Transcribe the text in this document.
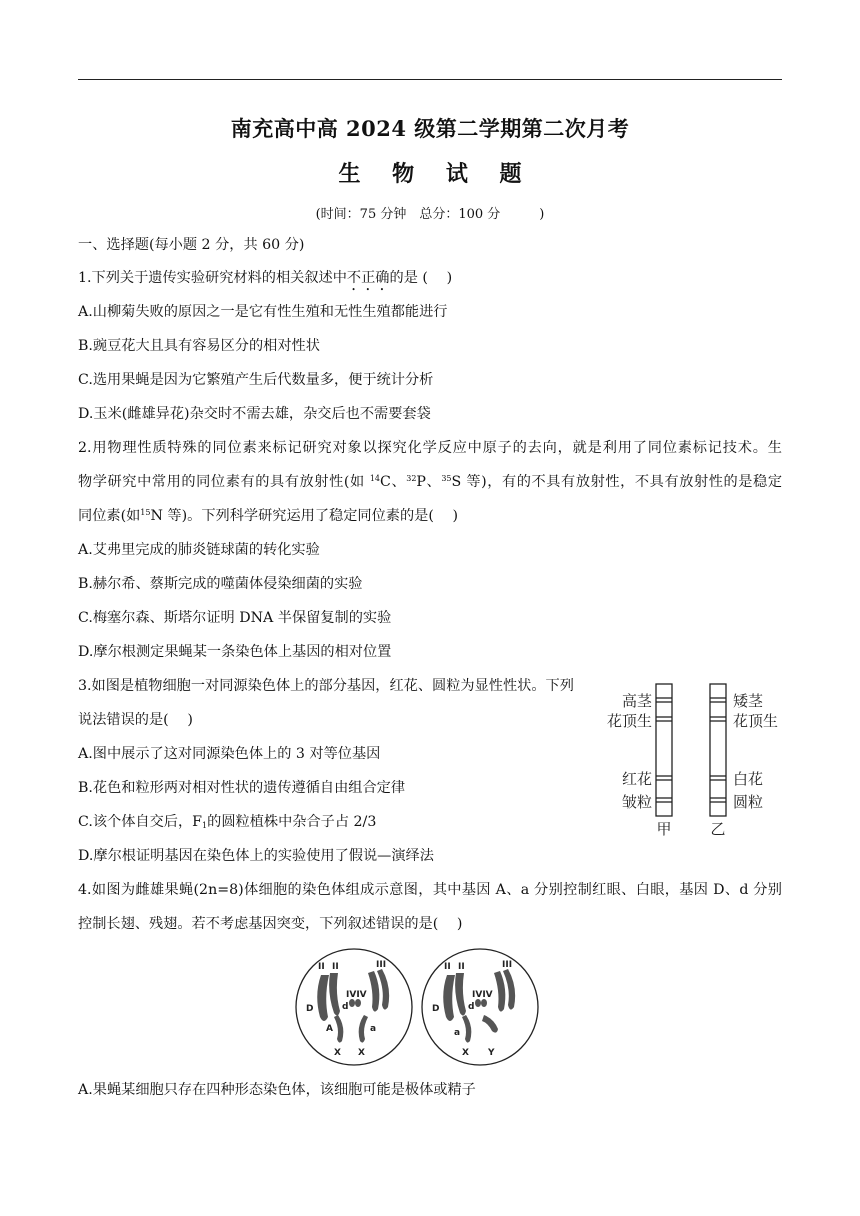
南充高中高 2024 级第二学期第二次月考
生 物 试 题
(时间：75 分钟　总分：100 分　　　)
一、选择题(每小题 2 分，共 60 分)
1.下列关于遗传实验研究材料的相关叙述中不正确的是 (　 )
A.山柳菊失败的原因之一是它有性生殖和无性生殖都能进行
B.豌豆花大且具有容易区分的相对性状
C.选用果蝇是因为它繁殖产生后代数量多，便于统计分析
D.玉米(雌雄异花)杂交时不需去雄，杂交后也不需要套袋
2.用物理性质特殊的同位素来标记研究对象以探究化学反应中原子的去向，就是利用了同位素标记技术。生
物学研究中常用的同位素有的具有放射性(如 $^{14}$C、$^{32}$P、$^{35}$S 等)，有的不具有放射性，不具有放射性的是稳定
同位素(如$^{15}$N 等)。下列科学研究运用了稳定同位素的是(　 )
A.艾弗里完成的肺炎链球菌的转化实验
B.赫尔希、蔡斯完成的噬菌体侵染细菌的实验
C.梅塞尔森、斯塔尔证明 DNA 半保留复制的实验
D.摩尔根测定果蝇某一条染色体上基因的相对位置
3.如图是植物细胞一对同源染色体上的部分基因，红花、圆粒为显性性状。下列
说法错误的是(　 )
A.图中展示了这对同源染色体上的 3 对等位基因
B.花色和粒形两对相对性状的遗传遵循自由组合定律
C.该个体自交后，$F_1$的圆粒植株中杂合子占 2/3
D.摩尔根证明基因在染色体上的实验使用了假说—演绎法
高茎
花顶生
红花
皱粒
矮茎
花顶生
白花
圆粒
甲	乙
4.如图为雌雄果蝇(2n=8)体细胞的染色体组成示意图，其中基因 A、a 分别控制红眼、白眼，基因 D、d 分别
控制长翅、残翅。若不考虑基因突变，下列叙述错误的是(　 )
II II	III
IVIV
D	d
A	a
X X
II II	III
IVIV
D	d
a
X Y
A.果蝇某细胞只存在四种形态染色体，该细胞可能是极体或精子
